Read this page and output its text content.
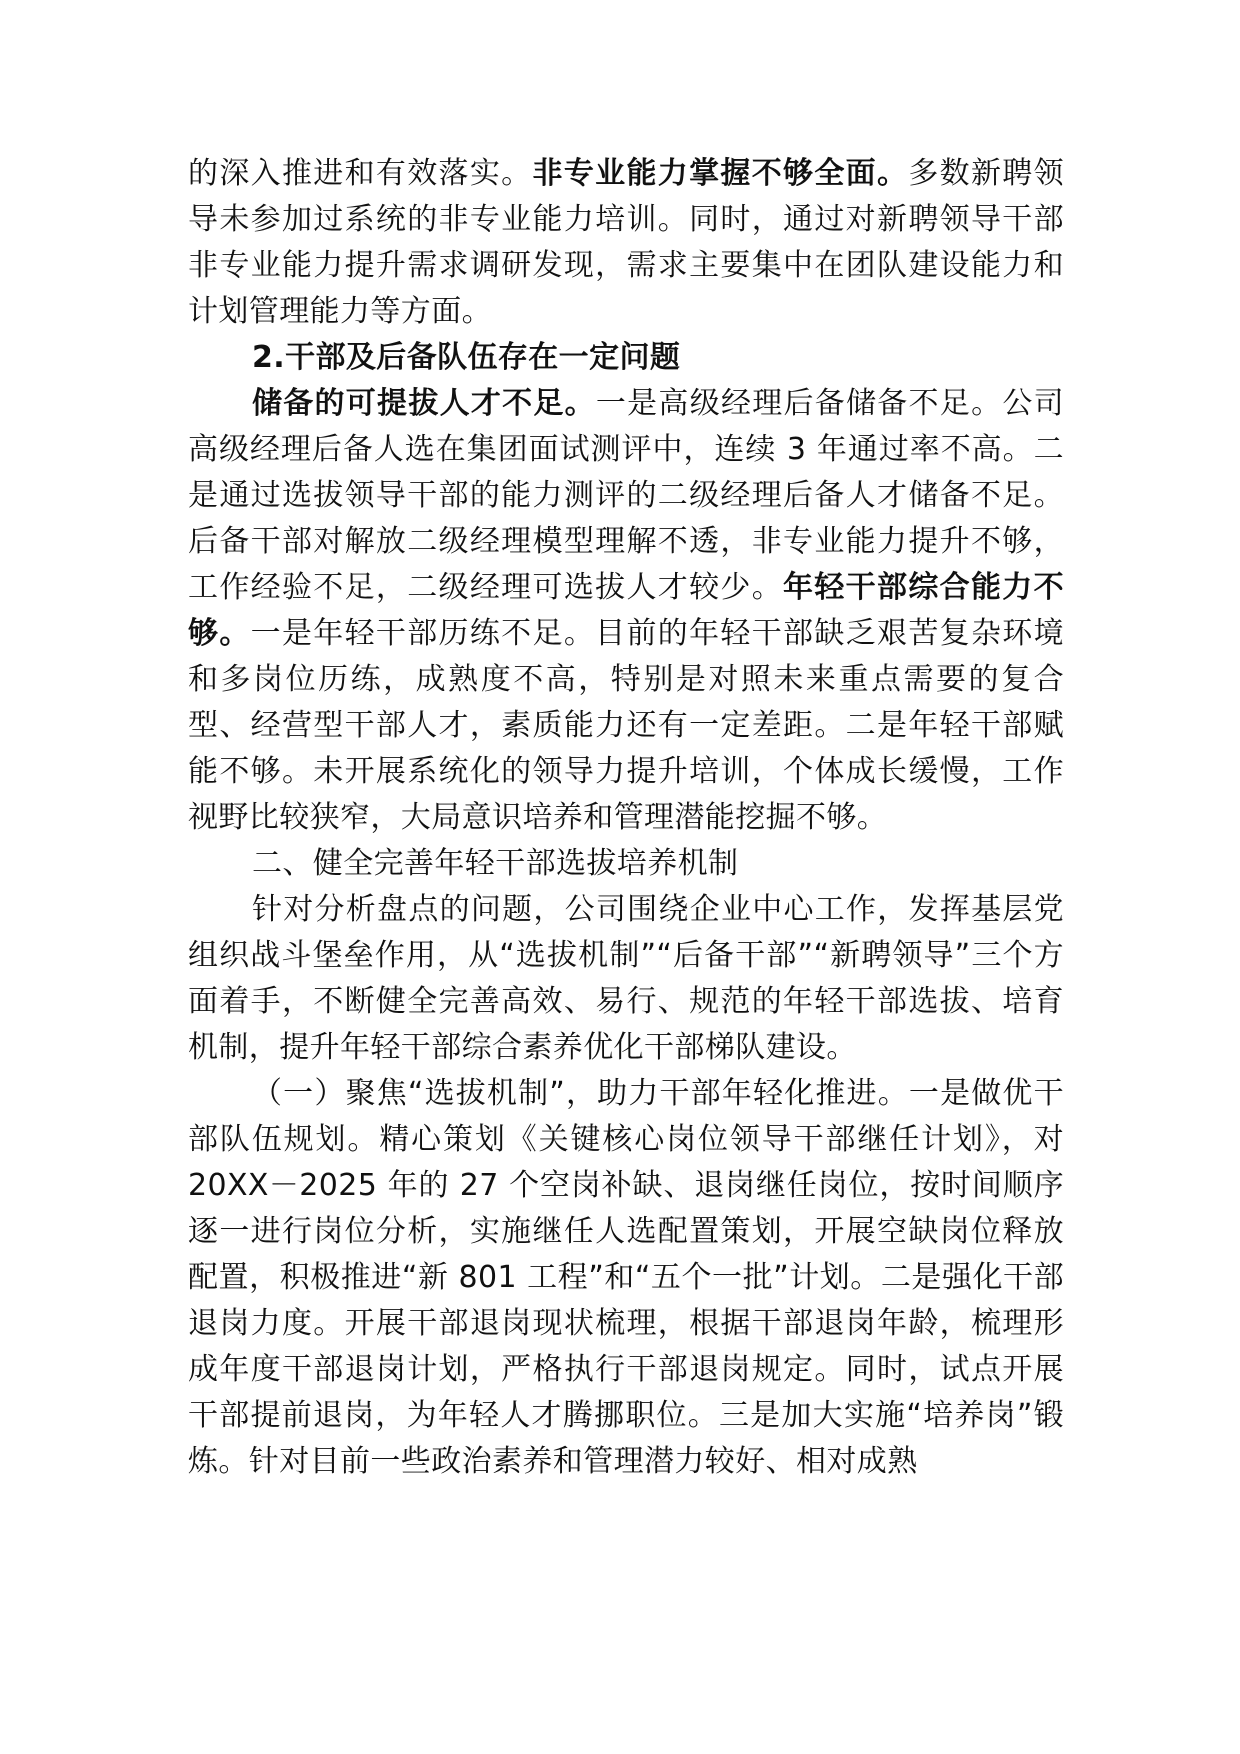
的深入推进和有效落实。非专业能力掌握不够全面。多数新聘领导未参加过系统的非专业能力培训。同时，通过对新聘领导干部非专业能力提升需求调研发现，需求主要集中在团队建设能力和计划管理能力等方面。

2.干部及后备队伍存在一定问题

储备的可提拔人才不足。一是高级经理后备储备不足。公司高级经理后备人选在集团面试测评中，连续 3 年通过率不高。二是通过选拔领导干部的能力测评的二级经理后备人才储备不足。后备干部对解放二级经理模型理解不透，非专业能力提升不够，工作经验不足，二级经理可选拔人才较少。年轻干部综合能力不够。一是年轻干部历练不足。目前的年轻干部缺乏艰苦复杂环境和多岗位历练，成熟度不高，特别是对照未来重点需要的复合型、经营型干部人才，素质能力还有一定差距。二是年轻干部赋能不够。未开展系统化的领导力提升培训，个体成长缓慢，工作视野比较狭窄，大局意识培养和管理潜能挖掘不够。

二、健全完善年轻干部选拔培养机制

针对分析盘点的问题，公司围绕企业中心工作，发挥基层党组织战斗堡垒作用，从“选拔机制”“后备干部”“新聘领导”三个方面着手，不断健全完善高效、易行、规范的年轻干部选拔、培育机制，提升年轻干部综合素养优化干部梯队建设。

（一）聚焦“选拔机制”，助力干部年轻化推进。一是做优干部队伍规划。精心策划《关键核心岗位领导干部继任计划》，对 20XX－2025 年的 27 个空岗补缺、退岗继任岗位，按时间顺序逐一进行岗位分析，实施继任人选配置策划，开展空缺岗位释放配置，积极推进“新 801 工程”和“五个一批”计划。二是强化干部退岗力度。开展干部退岗现状梳理，根据干部退岗年龄，梳理形成年度干部退岗计划，严格执行干部退岗规定。同时，试点开展干部提前退岗，为年轻人才腾挪职位。三是加大实施“培养岗”锻炼。针对目前一些政治素养和管理潜力较好、相对成熟
